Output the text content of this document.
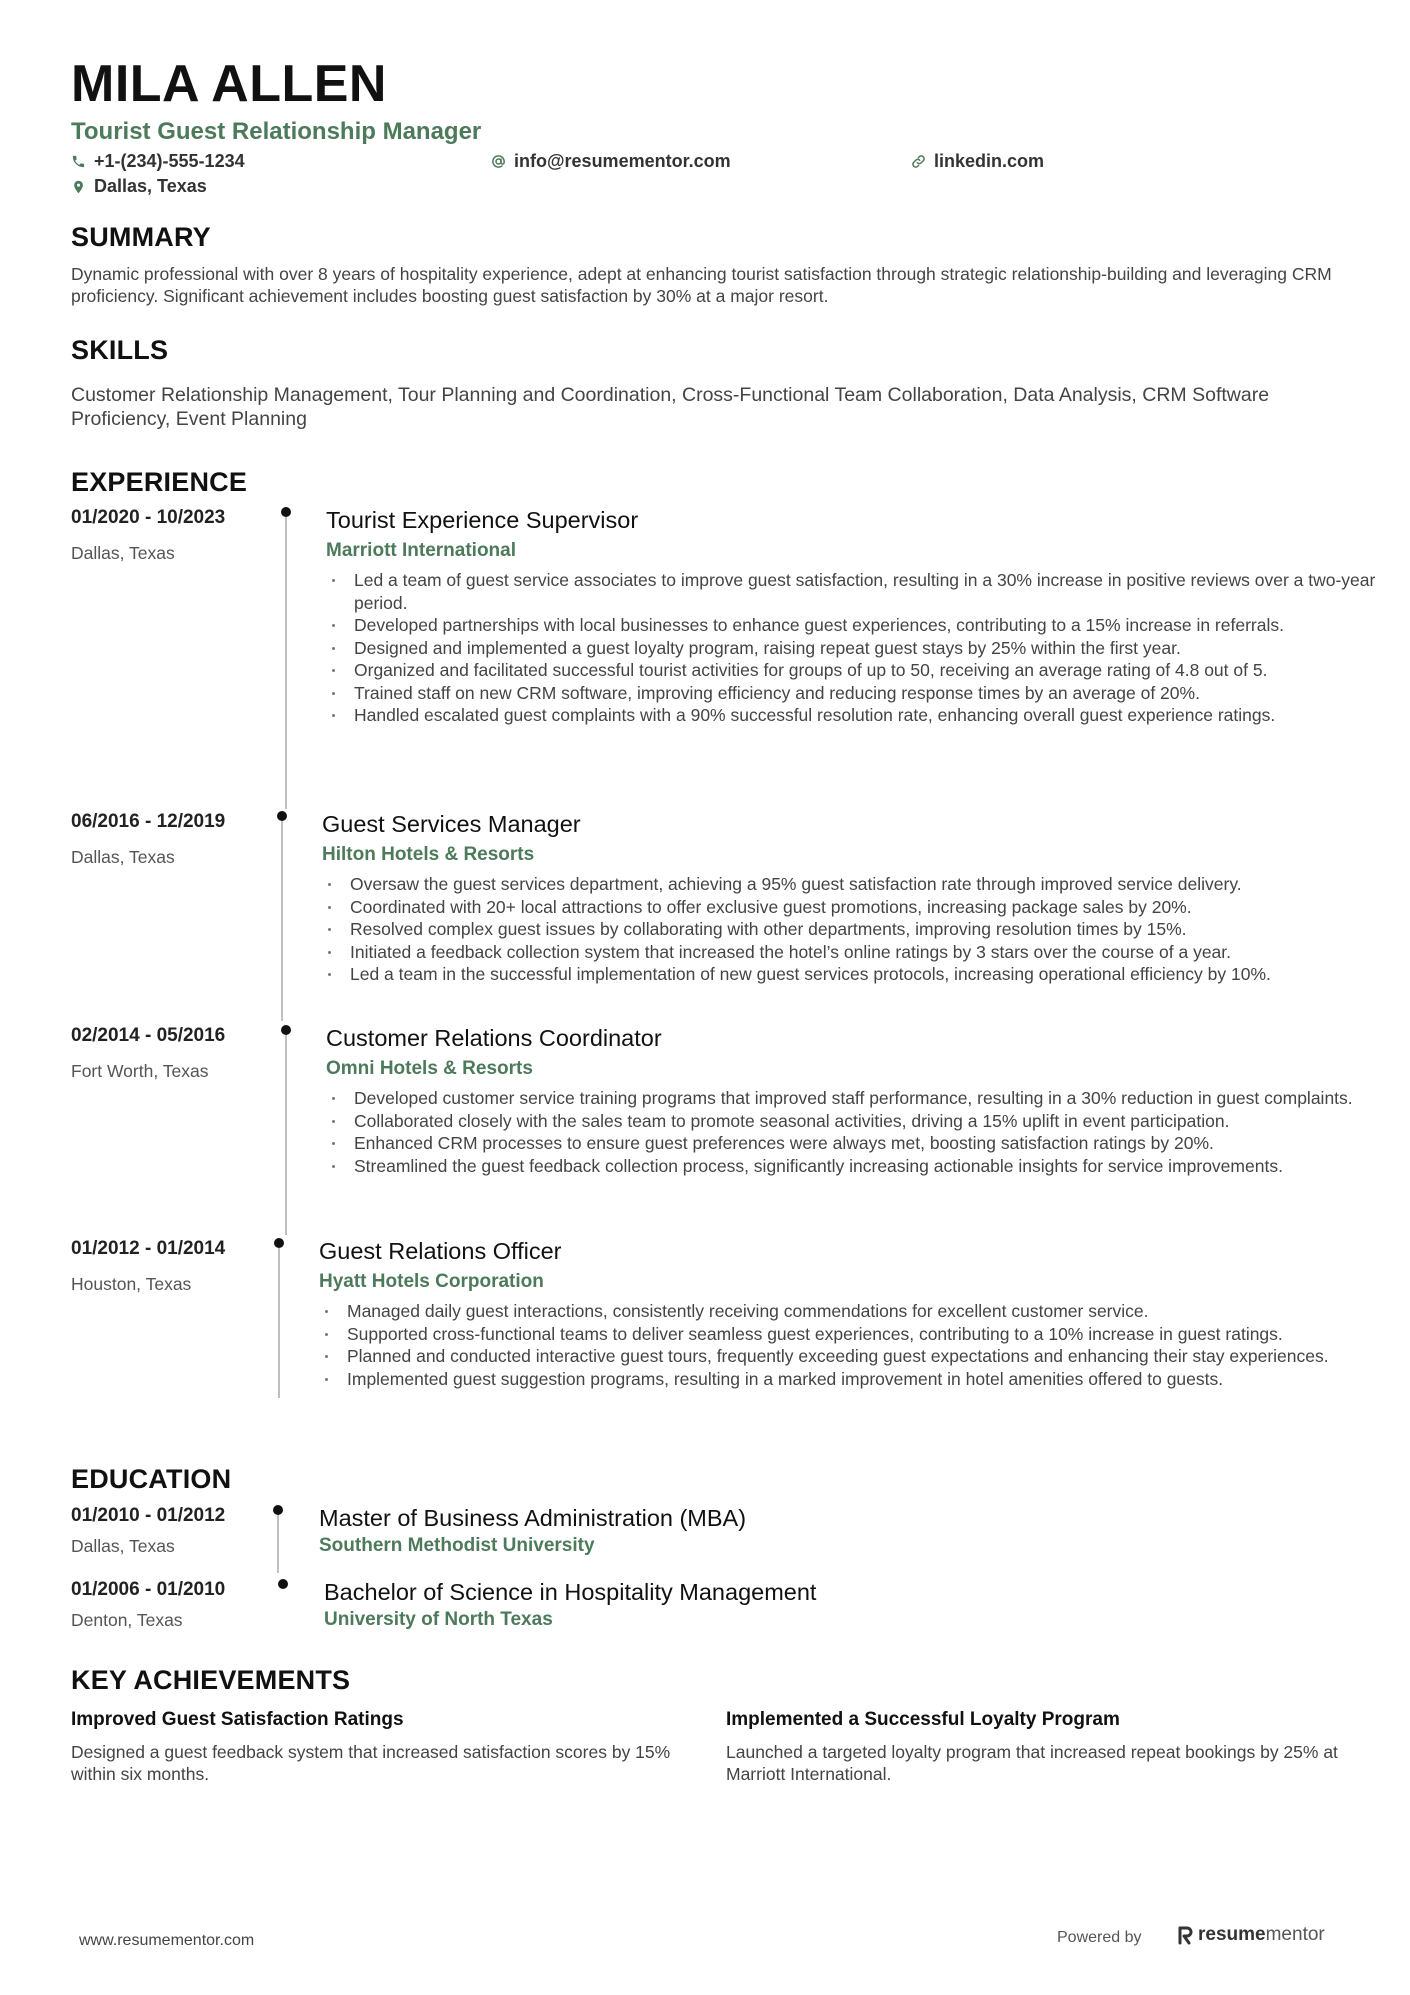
MILA ALLEN
Tourist Guest Relationship Manager
+1-(234)-555-1234	info@resumementor.com	linkedin.com
Dallas, Texas
SUMMARY
Dynamic professional with over 8 years of hospitality experience, adept at enhancing tourist satisfaction through strategic relationship-building and leveraging CRM proficiency. Significant achievement includes boosting guest satisfaction by 30% at a major resort.
SKILLS
Customer Relationship Management, Tour Planning and Coordination, Cross-Functional Team Collaboration, Data Analysis, CRM Software Proficiency, Event Planning
EXPERIENCE
01/2020 - 10/2023
Dallas, Texas
Tourist Experience Supervisor
Marriott International
Led a team of guest service associates to improve guest satisfaction, resulting in a 30% increase in positive reviews over a two-year period.
Developed partnerships with local businesses to enhance guest experiences, contributing to a 15% increase in referrals.
Designed and implemented a guest loyalty program, raising repeat guest stays by 25% within the first year.
Organized and facilitated successful tourist activities for groups of up to 50, receiving an average rating of 4.8 out of 5.
Trained staff on new CRM software, improving efficiency and reducing response times by an average of 20%.
Handled escalated guest complaints with a 90% successful resolution rate, enhancing overall guest experience ratings.
06/2016 - 12/2019
Dallas, Texas
Guest Services Manager
Hilton Hotels & Resorts
Oversaw the guest services department, achieving a 95% guest satisfaction rate through improved service delivery.
Coordinated with 20+ local attractions to offer exclusive guest promotions, increasing package sales by 20%.
Resolved complex guest issues by collaborating with other departments, improving resolution times by 15%.
Initiated a feedback collection system that increased the hotel’s online ratings by 3 stars over the course of a year.
Led a team in the successful implementation of new guest services protocols, increasing operational efficiency by 10%.
02/2014 - 05/2016
Fort Worth, Texas
Customer Relations Coordinator
Omni Hotels & Resorts
Developed customer service training programs that improved staff performance, resulting in a 30% reduction in guest complaints.
Collaborated closely with the sales team to promote seasonal activities, driving a 15% uplift in event participation.
Enhanced CRM processes to ensure guest preferences were always met, boosting satisfaction ratings by 20%.
Streamlined the guest feedback collection process, significantly increasing actionable insights for service improvements.
01/2012 - 01/2014
Houston, Texas
Guest Relations Officer
Hyatt Hotels Corporation
Managed daily guest interactions, consistently receiving commendations for excellent customer service.
Supported cross-functional teams to deliver seamless guest experiences, contributing to a 10% increase in guest ratings.
Planned and conducted interactive guest tours, frequently exceeding guest expectations and enhancing their stay experiences.
Implemented guest suggestion programs, resulting in a marked improvement in hotel amenities offered to guests.
EDUCATION
01/2010 - 01/2012
Dallas, Texas
Master of Business Administration (MBA)
Southern Methodist University
01/2006 - 01/2010
Denton, Texas
Bachelor of Science in Hospitality Management
University of North Texas
KEY ACHIEVEMENTS
Improved Guest Satisfaction Ratings
Designed a guest feedback system that increased satisfaction scores by 15% within six months.
Implemented a Successful Loyalty Program
Launched a targeted loyalty program that increased repeat bookings by 25% at Marriott International.
www.resumementor.com	Powered by	resume mentor
